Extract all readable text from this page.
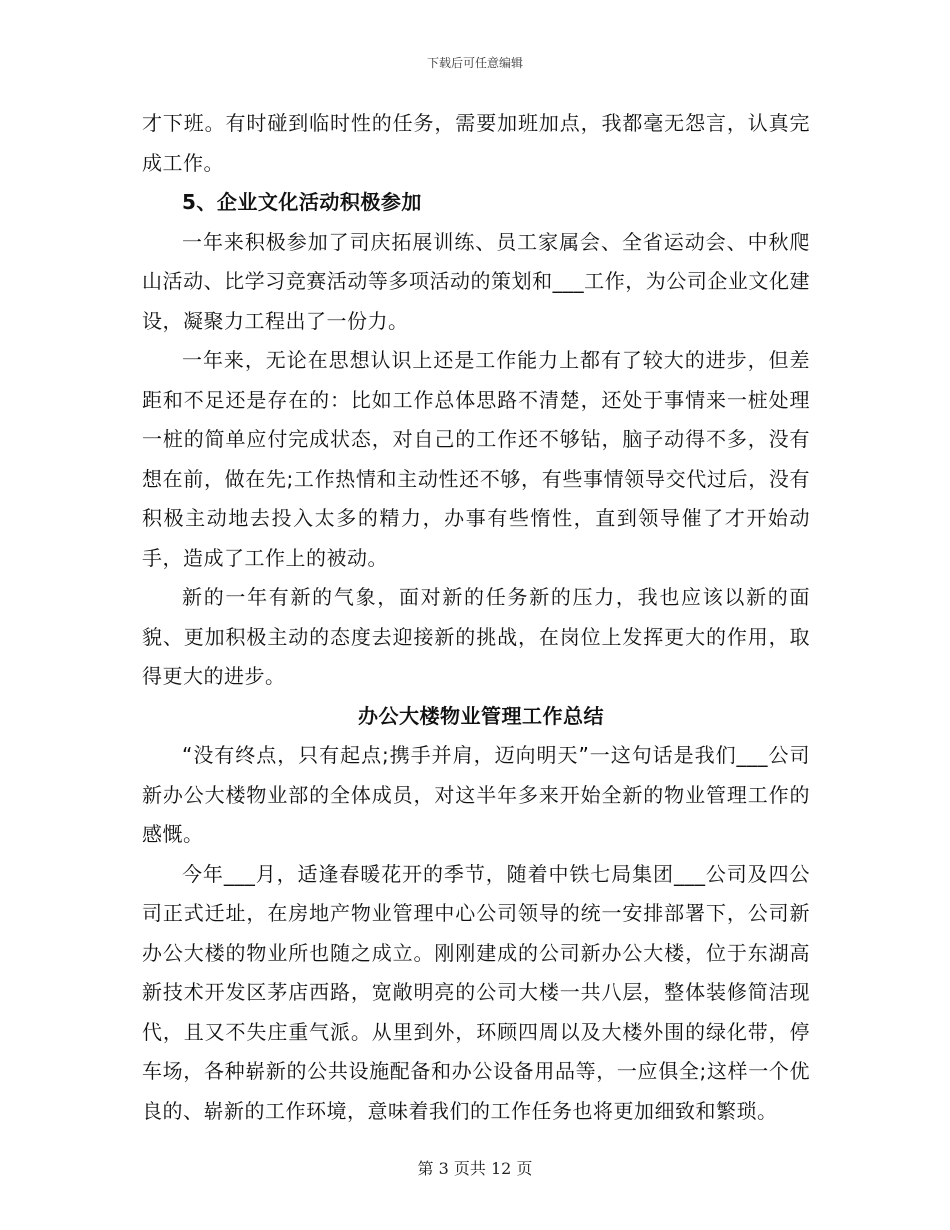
下载后可任意编辑

才下班。有时碰到临时性的任务，需要加班加点，我都毫无怨言，认真完成工作。

5、企业文化活动积极参加

一年来积极参加了司庆拓展训练、员工家属会、全省运动会、中秋爬山活动、比学习竞赛活动等多项活动的策划和___工作，为公司企业文化建设，凝聚力工程出了一份力。

一年来，无论在思想认识上还是工作能力上都有了较大的进步，但差距和不足还是存在的：比如工作总体思路不清楚，还处于事情来一桩处理一桩的简单应付完成状态，对自己的工作还不够钻，脑子动得不多，没有想在前，做在先;工作热情和主动性还不够，有些事情领导交代过后，没有积极主动地去投入太多的精力，办事有些惰性，直到领导催了才开始动手，造成了工作上的被动。

新的一年有新的气象，面对新的任务新的压力，我也应该以新的面貌、更加积极主动的态度去迎接新的挑战，在岗位上发挥更大的作用，取得更大的进步。

办公大楼物业管理工作总结

“没有终点，只有起点;携手并肩，迈向明天”一这句话是我们___公司新办公大楼物业部的全体成员，对这半年多来开始全新的物业管理工作的感慨。

今年___月，适逢春暖花开的季节，随着中铁七局集团___公司及四公司正式迁址，在房地产物业管理中心公司领导的统一安排部署下，公司新办公大楼的物业所也随之成立。刚刚建成的公司新办公大楼，位于东湖高新技术开发区茅店西路，宽敞明亮的公司大楼一共八层，整体装修简洁现代，且又不失庄重气派。从里到外，环顾四周以及大楼外围的绿化带，停车场，各种崭新的公共设施配备和办公设备用品等，一应俱全;这样一个优良的、崭新的工作环境，意味着我们的工作任务也将更加细致和繁琐。

第 3 页共 12 页
